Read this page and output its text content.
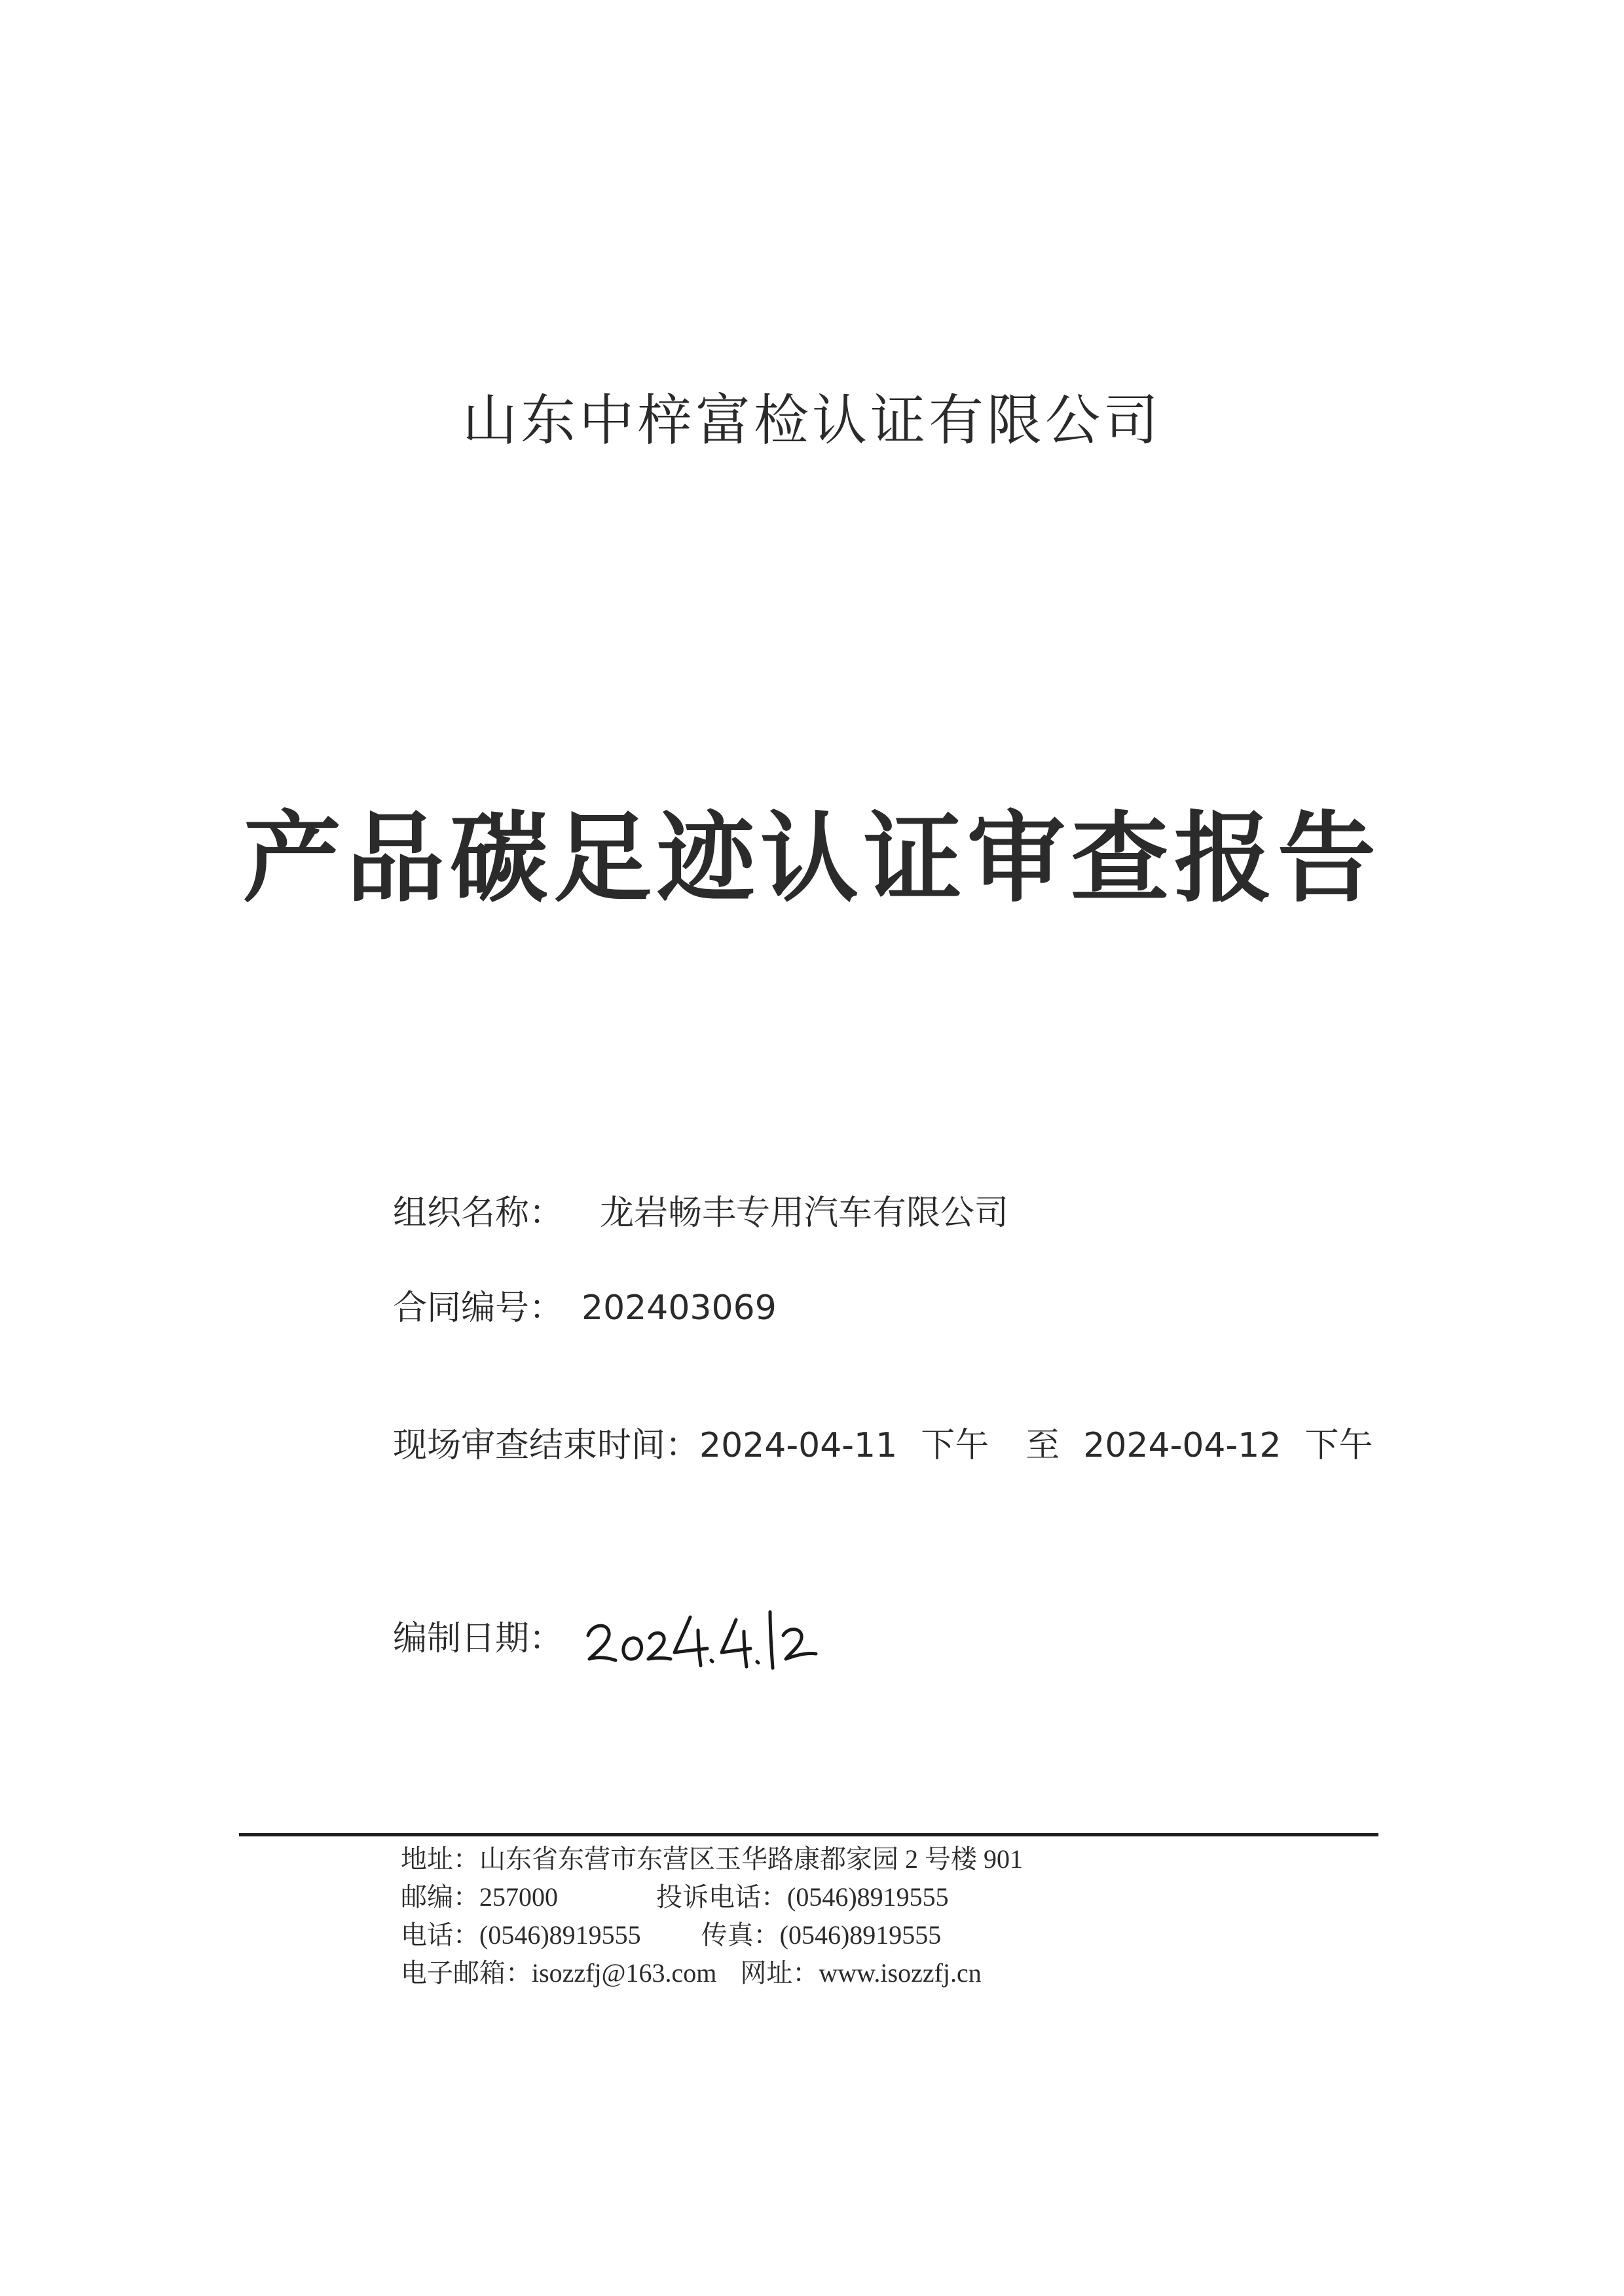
山东中梓富检认证有限公司
产品碳足迹认证审查报告
组织名称： 龙岩畅丰专用汽车有限公司
合同编号： 202403069
现场审查结束时间：2024-04-11 下午 至 2024-04-12 下午
编制日期：
地址：山东省东营市东营区玉华路康都家园 2 号楼 901
邮编：257000	投诉电话：(0546)8919555
电话：(0546)8919555 传真：(0546)8919555
电子邮箱：isozzfj@163.com 网址：www.isozzfj.cn
